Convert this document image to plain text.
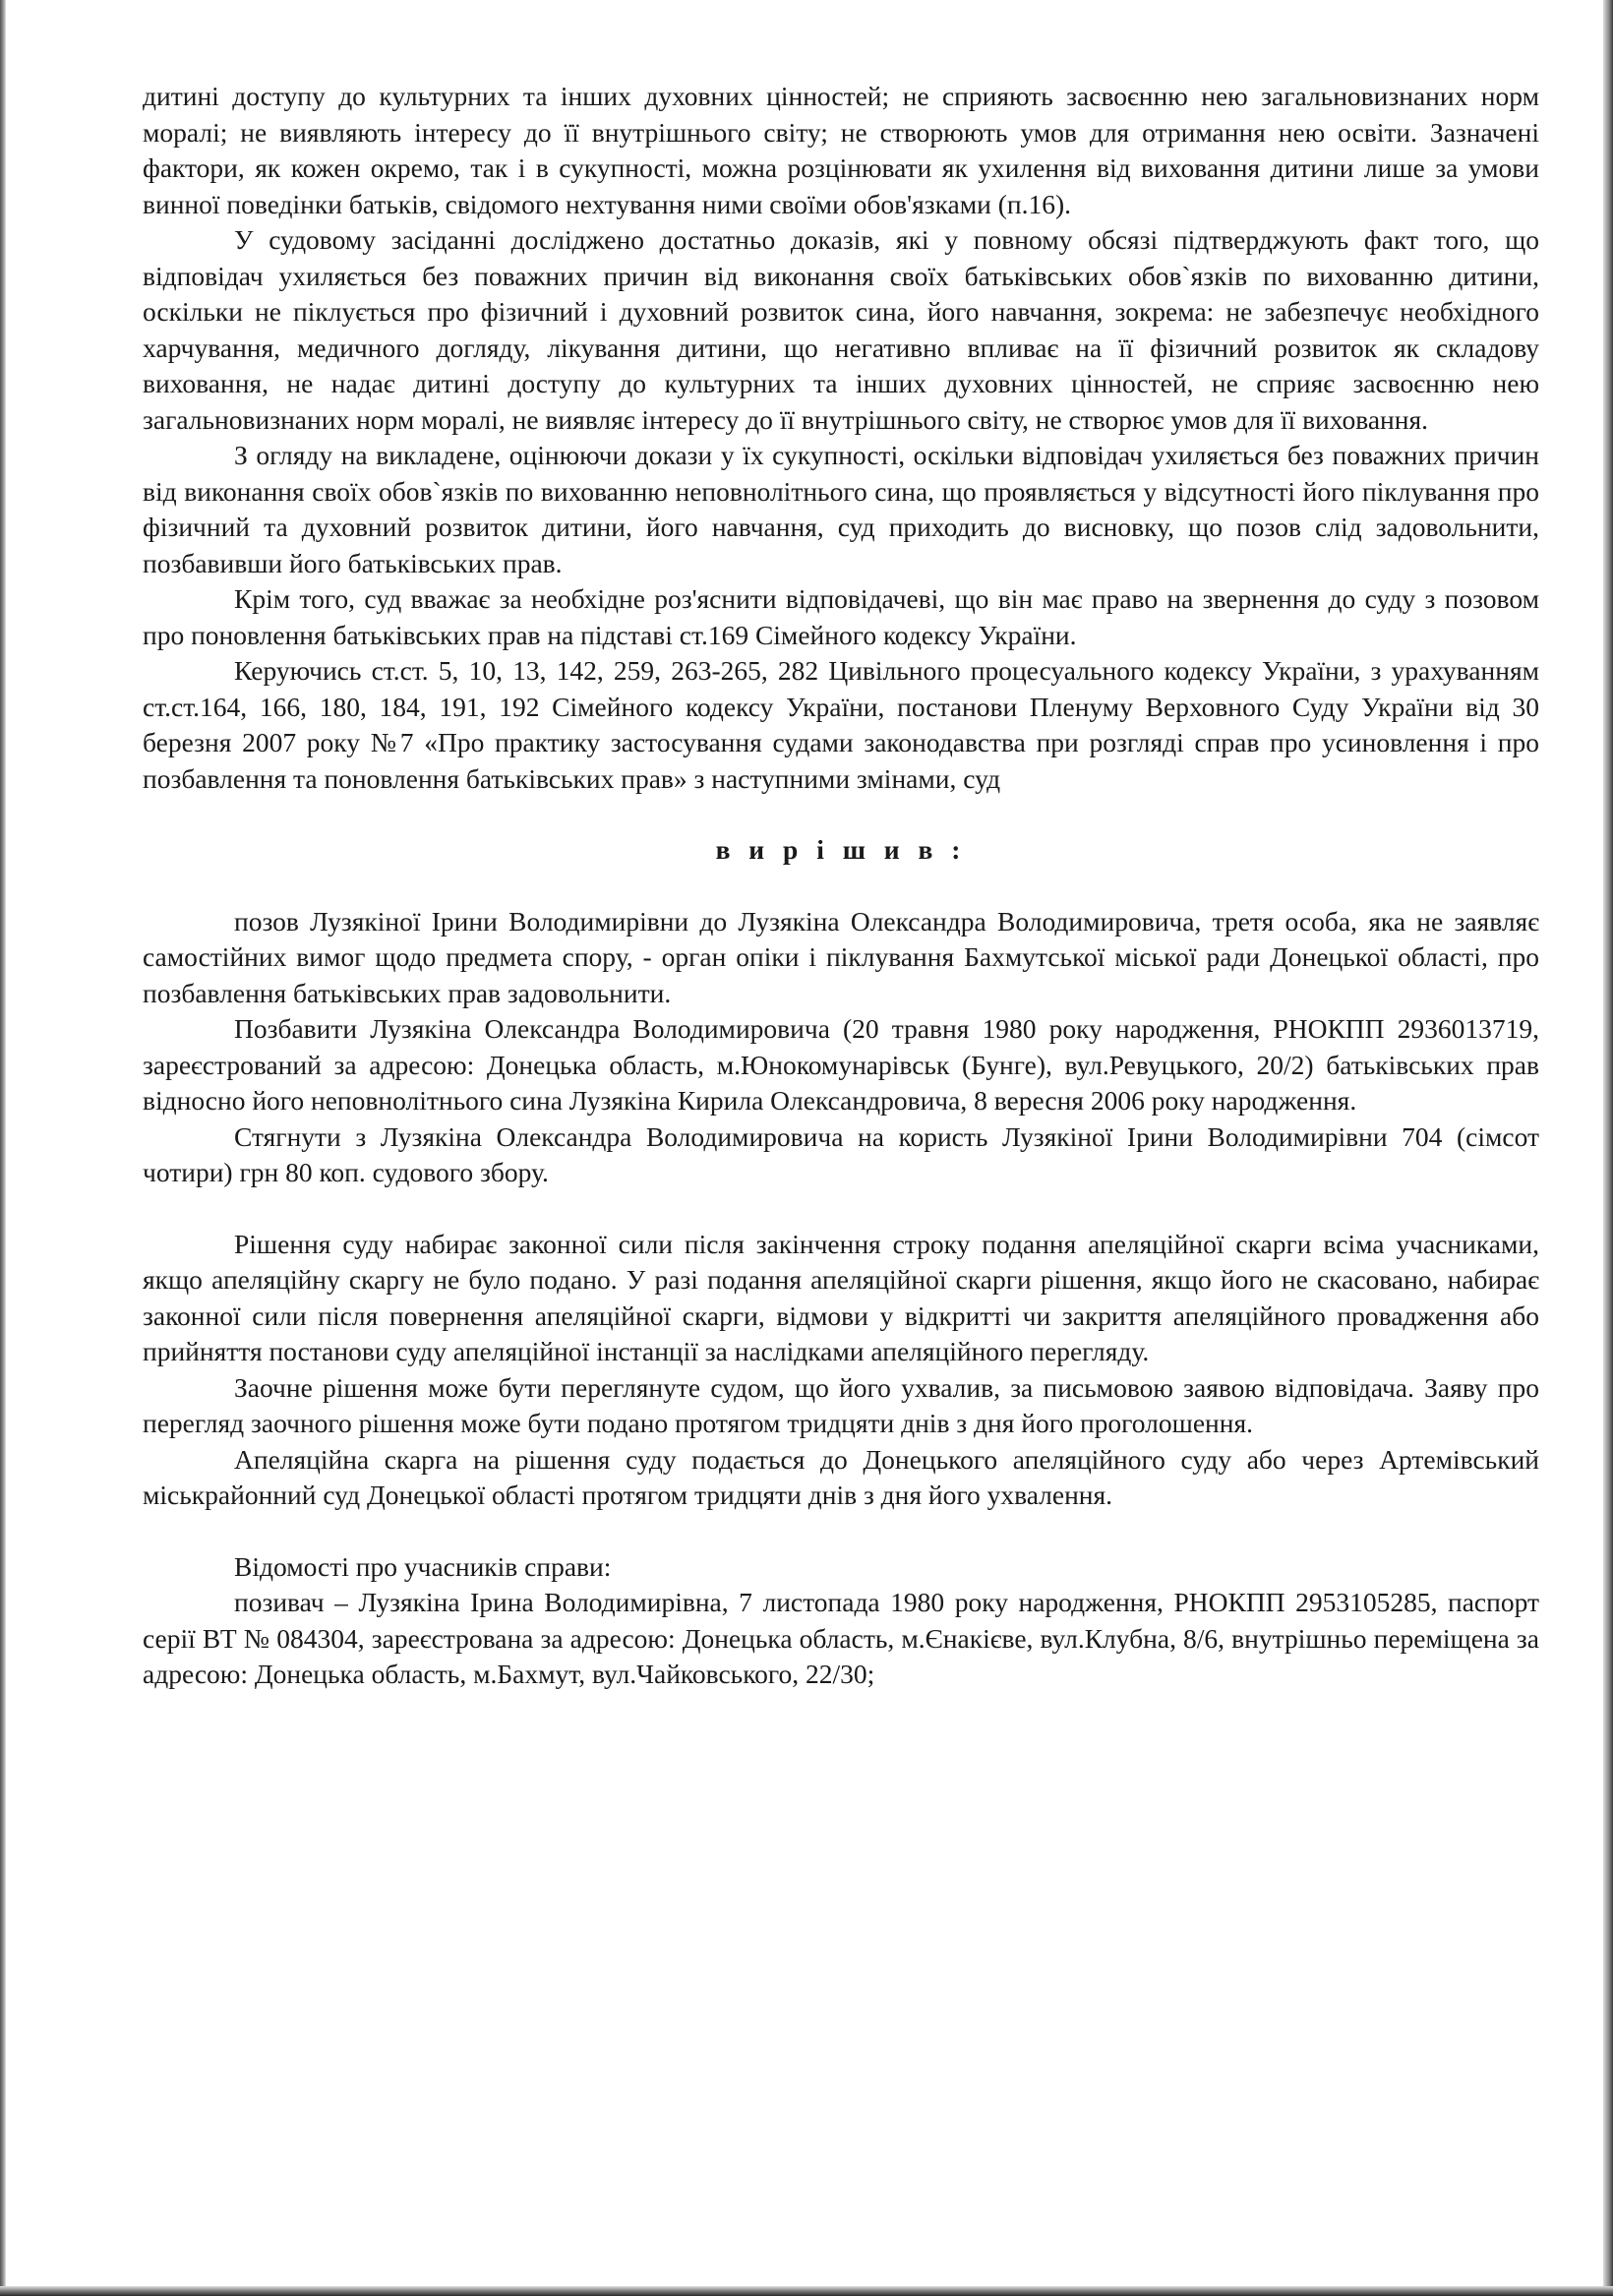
дитині доступу до культурних та інших духовних цінностей; не сприяють засвоєнню нею загальновизнаних норм моралі; не виявляють інтересу до її внутрішнього світу; не створюють умов для отримання нею освіти. Зазначені фактори, як кожен окремо, так і в сукупності, можна розцінювати як ухилення від виховання дитини лише за умови винної поведінки батьків, свідомого нехтування ними своїми обов'язками (п.16).

У судовому засіданні досліджено достатньо доказів, які у повному обсязі підтверджують факт того, що відповідач ухиляється без поважних причин від виконання своїх батьківських обов`язків по вихованню дитини, оскільки не піклується про фізичний і духовний розвиток сина, його навчання, зокрема: не забезпечує необхідного харчування, медичного догляду, лікування дитини, що негативно впливає на її фізичний розвиток як складову виховання, не надає дитині доступу до культурних та інших духовних цінностей, не сприяє засвоєнню нею загальновизнаних норм моралі, не виявляє інтересу до її внутрішнього світу, не створює умов для її виховання.

З огляду на викладене, оцінюючи докази у їх сукупності, оскільки відповідач ухиляється без поважних причин від виконання своїх обов`язків по вихованню неповнолітнього сина, що проявляється у відсутності його піклування про фізичний та духовний розвиток дитини, його навчання, суд приходить до висновку, що позов слід задовольнити, позбавивши його батьківських прав.

Крім того, суд вважає за необхідне роз'яснити відповідачеві, що він має право на звернення до суду з позовом про поновлення батьківських прав на підставі ст.169 Сімейного кодексу України.

Керуючись ст.ст. 5, 10, 13, 142, 259, 263-265, 282 Цивільного процесуального кодексу України, з урахуванням ст.ст.164, 166, 180, 184, 191, 192 Сімейного кодексу України, постанови Пленуму Верховного Суду України від 30 березня 2007 року №7 «Про практику застосування судами законодавства при розгляді справ про усиновлення і про позбавлення та поновлення батьківських прав» з наступними змінами, суд

в и р і ш и в :

позов Лузякіної Ірини Володимирівни до Лузякіна Олександра Володимировича, третя особа, яка не заявляє самостійних вимог щодо предмета спору, - орган опіки і піклування Бахмутської міської ради Донецької області, про позбавлення батьківських прав задовольнити.

Позбавити Лузякіна Олександра Володимировича (20 травня 1980 року народження, РНОКПП 2936013719, зареєстрований за адресою: Донецька область, м.Юнокомунарівськ (Бунге), вул.Ревуцького, 20/2) батьківських прав відносно його неповнолітнього сина Лузякіна Кирила Олександровича, 8 вересня 2006 року народження.

Стягнути з Лузякіна Олександра Володимировича на користь Лузякіної Ірини Володимирівни 704 (сімсот чотири) грн 80 коп. судового збору.

Рішення суду набирає законної сили після закінчення строку подання апеляційної скарги всіма учасниками, якщо апеляційну скаргу не було подано. У разі подання апеляційної скарги рішення, якщо його не скасовано, набирає законної сили після повернення апеляційної скарги, відмови у відкритті чи закриття апеляційного провадження або прийняття постанови суду апеляційної інстанції за наслідками апеляційного перегляду.

Заочне рішення може бути переглянуте судом, що його ухвалив, за письмовою заявою відповідача. Заяву про перегляд заочного рішення може бути подано протягом тридцяти днів з дня його проголошення.

Апеляційна скарга на рішення суду подається до Донецького апеляційного суду або через Артемівський міськрайонний суд Донецької області протягом тридцяти днів з дня його ухвалення.

Відомості про учасників справи:

позивач – Лузякіна Ірина Володимирівна, 7 листопада 1980 року народження, РНОКПП 2953105285, паспорт серії ВТ № 084304, зареєстрована за адресою: Донецька область, м.Єнакієве, вул.Клубна, 8/6, внутрішньо переміщена за адресою: Донецька область, м.Бахмут, вул.Чайковського, 22/30;
